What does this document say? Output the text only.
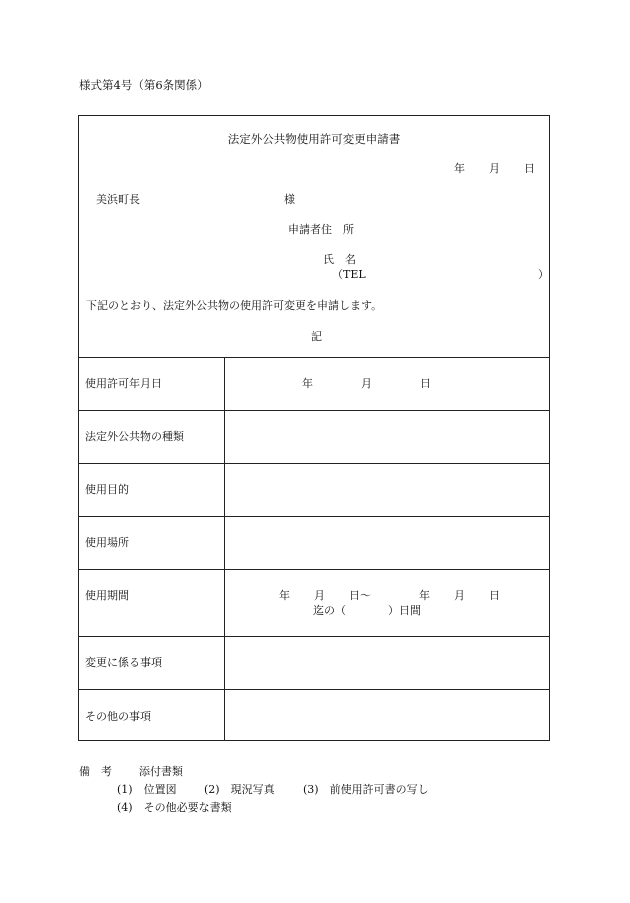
様式第4号（第6条関係）
法定外公共物使用許可変更申請書
年 月 日
美浜町長	様
申請者住　所
氏　名
（TEL	）
下記のとおり、法定外公共物の使用許可変更を申請します。
記
使用許可年月日	年	月	日
法定外公共物の種類
使用目的
使用場所
使用期間	年 月 日〜	年 月 日
迄の（	）日間
変更に係る事項
その他の事項
備　考 添付書類
(1)　位置図 (2)　現況写真	(3)　前使用許可書の写し
(4)　その他必要な書類
